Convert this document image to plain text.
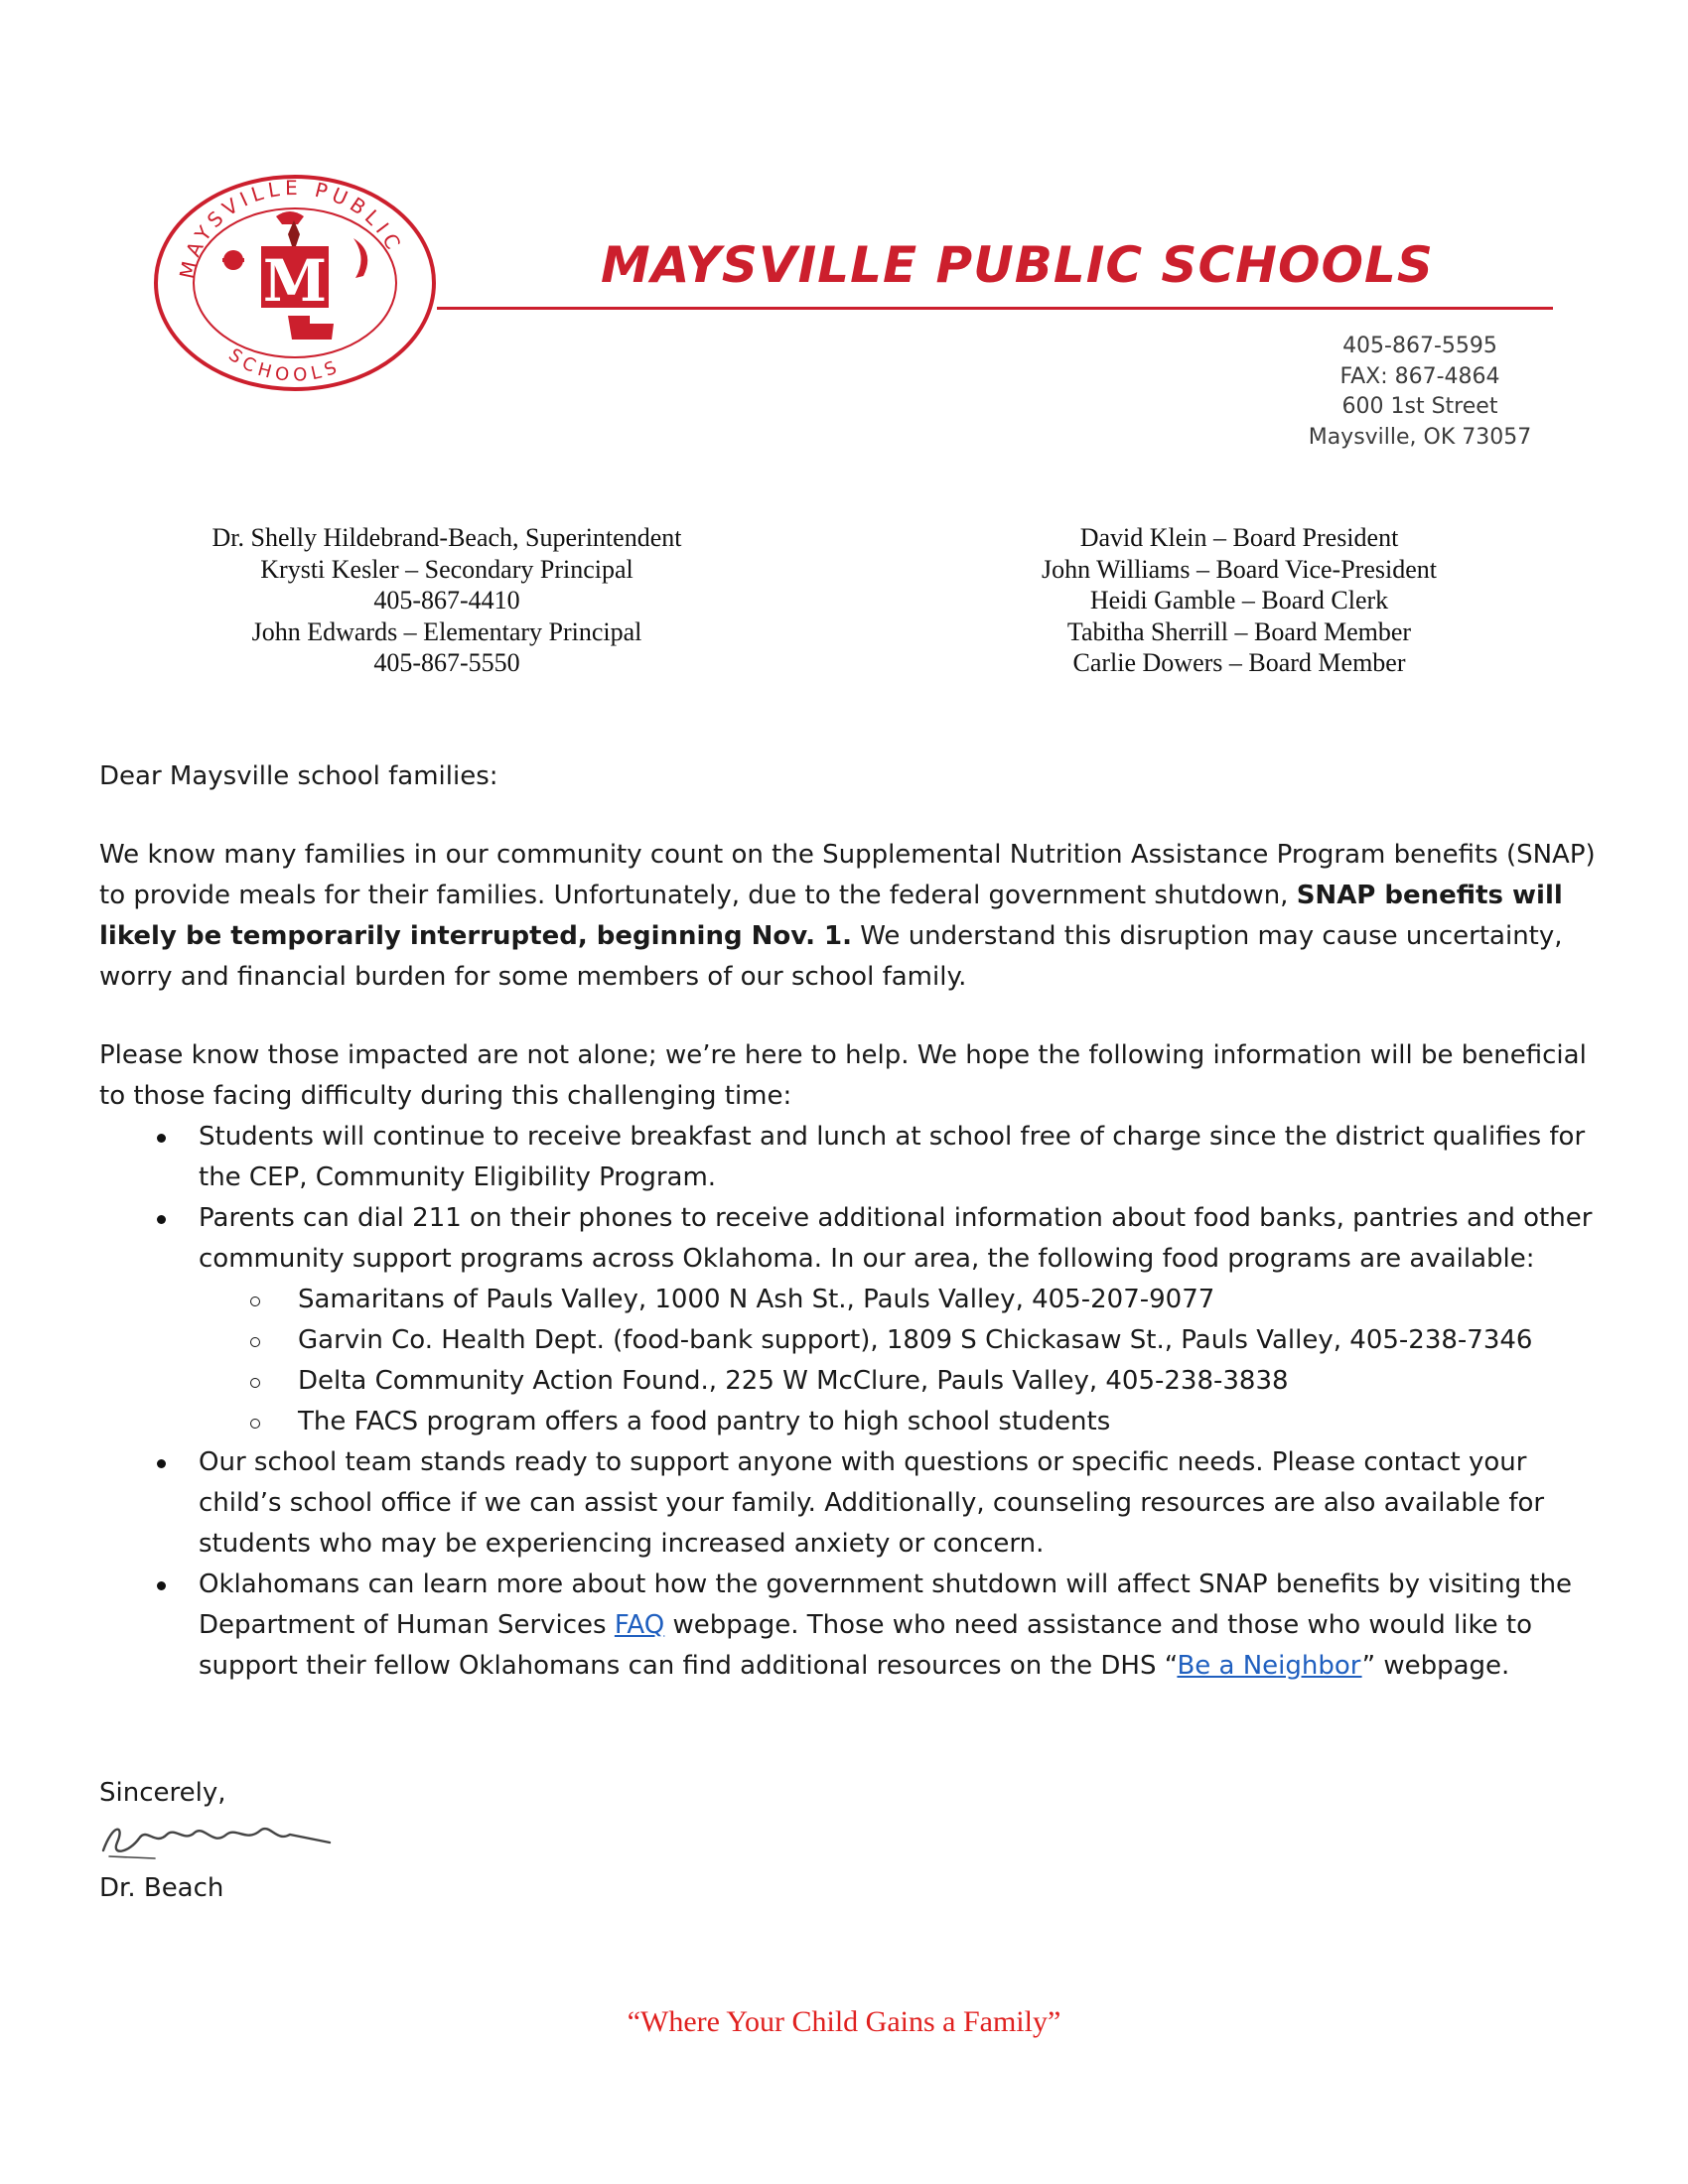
MAYSVILLE PUBLIC
SCHOOLS
M	MAYSVILLE PUBLIC SCHOOLS
405-867-5595
FAX: 867-4864
600 1st Street
Maysville, OK 73057
Dr. Shelly Hildebrand-Beach, Superintendent
Krysti Kesler – Secondary Principal
405-867-4410
John Edwards – Elementary Principal
405-867-5550
David Klein – Board President
John Williams – Board Vice-President
Heidi Gamble – Board Clerk
Tabitha Sherrill – Board Member
Carlie Dowers – Board Member

Dear Maysville school families:

We know many families in our community count on the Supplemental Nutrition Assistance Program benefits (SNAP) to provide meals for their families. Unfortunately, due to the federal government shutdown, SNAP benefits will likely be temporarily interrupted, beginning Nov. 1. We understand this disruption may cause uncertainty, worry and financial burden for some members of our school family.

Please know those impacted are not alone; we’re here to help. We hope the following information will be beneficial to those facing difficulty during this challenging time:

Students will continue to receive breakfast and lunch at school free of charge since the district qualifies for the CEP, Community Eligibility Program.
Parents can dial 211 on their phones to receive additional information about food banks, pantries and other community support programs across Oklahoma. In our area, the following food programs are available:
Samaritans of Pauls Valley, 1000 N Ash St., Pauls Valley, 405-207-9077
Garvin Co. Health Dept. (food-bank support), 1809 S Chickasaw St., Pauls Valley, 405-238-7346
Delta Community Action Found., 225 W McClure, Pauls Valley, 405-238-3838
The FACS program offers a food pantry to high school students
Our school team stands ready to support anyone with questions or specific needs. Please contact your child’s school office if we can assist your family. Additionally, counseling resources are also available for students who may be experiencing increased anxiety or concern.
Oklahomans can learn more about how the government shutdown will affect SNAP benefits by visiting the Department of Human Services FAQ webpage. Those who need assistance and those who would like to support their fellow Oklahomans can find additional resources on the DHS “Be a Neighbor” webpage.
Sincerely,
Dr. Beach
“Where Your Child Gains a Family”
